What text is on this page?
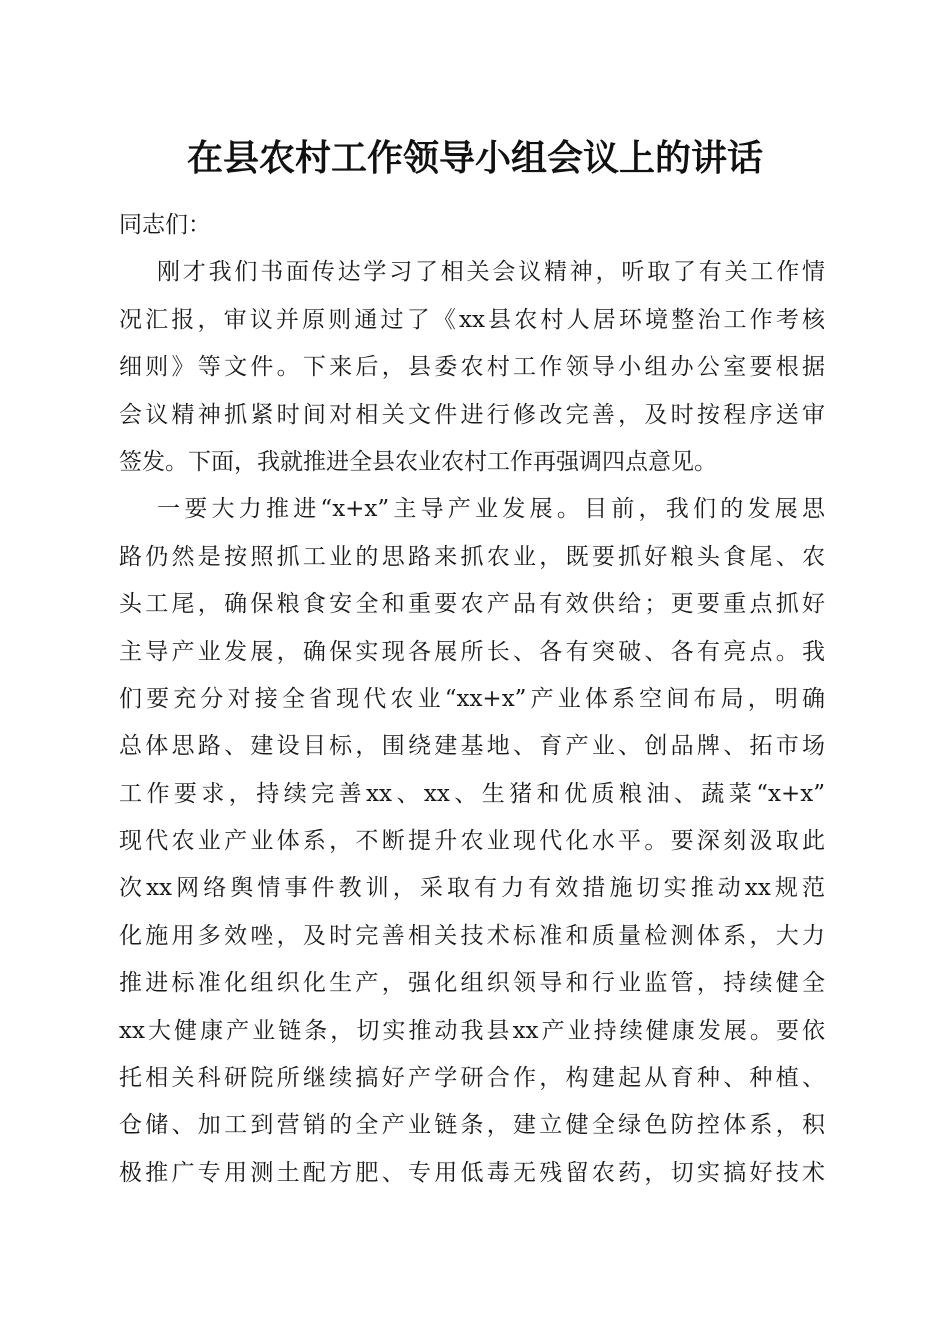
在县农村工作领导小组会议上的讲话
同志们：
刚才我们书面传达学习了相关会议精神，听取了有关工作情
况汇报，审议并原则通过了《xx县农村人居环境整治工作考核
细则》等文件。下来后，县委农村工作领导小组办公室要根据
会议精神抓紧时间对相关文件进行修改完善，及时按程序送审
签发。下面，我就推进全县农业农村工作再强调四点意见。
一要大力推进“x+x”主导产业发展。目前，我们的发展思
路仍然是按照抓工业的思路来抓农业，既要抓好粮头食尾、农
头工尾，确保粮食安全和重要农产品有效供给；更要重点抓好
主导产业发展，确保实现各展所长、各有突破、各有亮点。我
们要充分对接全省现代农业“xx+x”产业体系空间布局，明确
总体思路、建设目标，围绕建基地、育产业、创品牌、拓市场
工作要求，持续完善xx、xx、生猪和优质粮油、蔬菜“x+x”
现代农业产业体系，不断提升农业现代化水平。要深刻汲取此
次xx网络舆情事件教训，采取有力有效措施切实推动xx规范
化施用多效唑，及时完善相关技术标准和质量检测体系，大力
推进标准化组织化生产，强化组织领导和行业监管，持续健全
xx大健康产业链条，切实推动我县xx产业持续健康发展。要依
托相关科研院所继续搞好产学研合作，构建起从育种、种植、
仓储、加工到营销的全产业链条，建立健全绿色防控体系，积
极推广专用测土配方肥、专用低毒无残留农药，切实搞好技术
